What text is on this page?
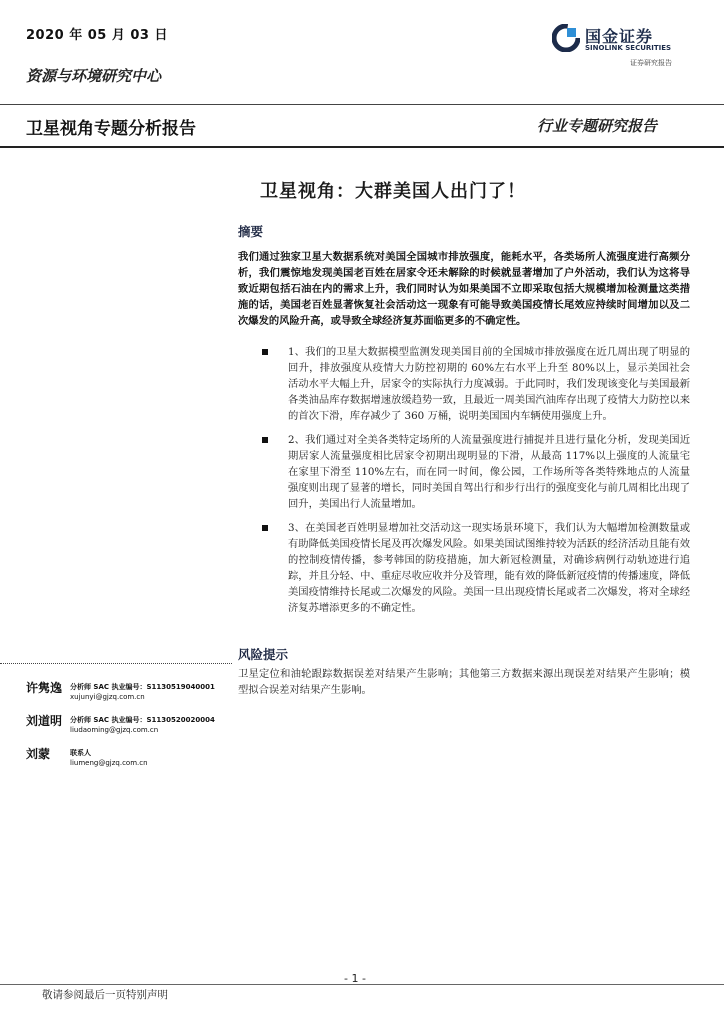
2020 年 05 月 03 日	国金证券
SINOLINK SECURITIES
证券研究报告
资源与环境研究中心
卫星视角专题分析报告	行业专题研究报告
卫星视角：大群美国人出门了！
摘要
我们通过独家卫星大数据系统对美国全国城市排放强度，能耗水平，各类场所人流强度进行高频分析，我们震惊地发现美国老百姓在居家令还未解除的时候就显著增加了户外活动，我们认为这将导致近期包括石油在内的需求上升，我们同时认为如果美国不立即采取包括大规模增加检测量这类措施的话，美国老百姓显著恢复社会活动这一现象有可能导致美国疫情长尾效应持续时间增加以及二次爆发的风险升高，或导致全球经济复苏面临更多的不确定性。
1、我们的卫星大数据模型监测发现美国目前的全国城市排放强度在近几周出现了明显的回升，排放强度从疫情大力防控初期的 60%左右水平上升至 80%以上，显示美国社会活动水平大幅上升，居家令的实际执行力度减弱。于此同时，我们发现该变化与美国最新各类油品库存数据增速放缓趋势一致，且最近一周美国汽油库存出现了疫情大力防控以来的首次下滑，库存减少了 360 万桶，说明美国国内车辆使用强度上升。
2、我们通过对全美各类特定场所的人流量强度进行捕捉并且进行量化分析，发现美国近期居家人流量强度相比居家令初期出现明显的下滑，从最高 117%以上强度的人流量宅在家里下滑至 110%左右，而在同一时间，像公园，工作场所等各类特殊地点的人流量强度则出现了显著的增长，同时美国自驾出行和步行出行的强度变化与前几周相比出现了回升，美国出行人流量增加。
3、在美国老百姓明显增加社交活动这一现实场景环境下，我们认为大幅增加检测数量或有助降低美国疫情长尾及再次爆发风险。如果美国试图维持较为活跃的经济活动且能有效的控制疫情传播，参考韩国的防疫措施，加大新冠检测量，对确诊病例行动轨迹进行追踪，并且分轻、中、重症尽收应收并分及管理，能有效的降低新冠疫情的传播速度，降低美国疫情维持长尾或二次爆发的风险。美国一旦出现疫情长尾或者二次爆发，将对全球经济复苏增添更多的不确定性。
风险提示
卫星定位和油轮跟踪数据误差对结果产生影响；其他第三方数据来源出现误差对结果产生影响；模型拟合误差对结果产生影响。
许隽逸 分析师 SAC 执业编号：S1130519040001
xujunyi@gjzq.com.cn
刘道明 分析师 SAC 执业编号：S1130520020004
liudaoming@gjzq.com.cn
刘蒙	联系人
liumeng@gjzq.com.cn
- 1 -
敬请参阅最后一页特别声明
